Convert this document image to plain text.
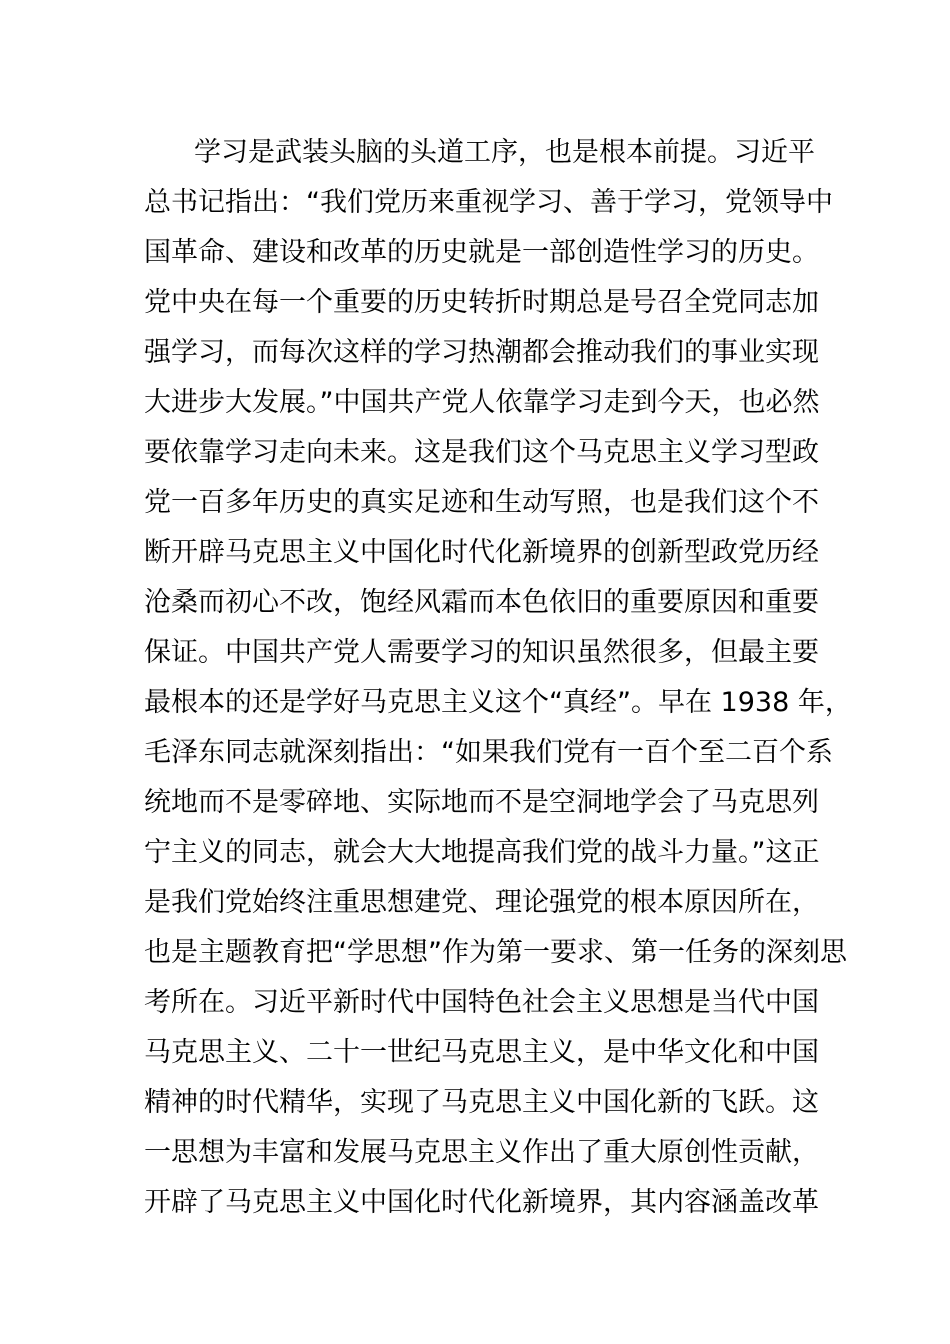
学习是武装头脑的头道工序，也是根本前提。习近平
总书记指出：“我们党历来重视学习、善于学习，党领导中
国革命、建设和改革的历史就是一部创造性学习的历史。
党中央在每一个重要的历史转折时期总是号召全党同志加
强学习，而每次这样的学习热潮都会推动我们的事业实现
大进步大发展。”中国共产党人依靠学习走到今天，也必然
要依靠学习走向未来。这是我们这个马克思主义学习型政
党一百多年历史的真实足迹和生动写照，也是我们这个不
断开辟马克思主义中国化时代化新境界的创新型政党历经
沧桑而初心不改，饱经风霜而本色依旧的重要原因和重要
保证。中国共产党人需要学习的知识虽然很多，但最主要
最根本的还是学好马克思主义这个“真经”。早在 1938 年，
毛泽东同志就深刻指出：“如果我们党有一百个至二百个系
统地而不是零碎地、实际地而不是空洞地学会了马克思列
宁主义的同志，就会大大地提高我们党的战斗力量。”这正
是我们党始终注重思想建党、理论强党的根本原因所在，
也是主题教育把“学思想”作为第一要求、第一任务的深刻思
考所在。习近平新时代中国特色社会主义思想是当代中国
马克思主义、二十一世纪马克思主义，是中华文化和中国
精神的时代精华，实现了马克思主义中国化新的飞跃。这
一思想为丰富和发展马克思主义作出了重大原创性贡献，
开辟了马克思主义中国化时代化新境界，其内容涵盖改革
